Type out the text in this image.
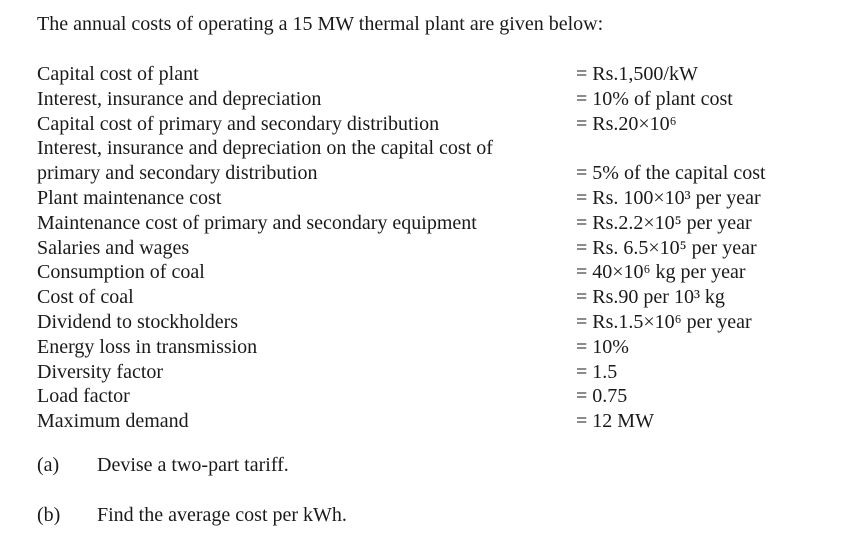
The annual costs of operating a 15 MW thermal plant are given below:
Capital cost of plant	= Rs.1,500/kW
Interest, insurance and depreciation	= 10% of plant cost
Capital cost of primary and secondary distribution	= Rs.20×10⁶
Interest, insurance and depreciation on the capital cost of
primary and secondary distribution	= 5% of the capital cost
Plant maintenance cost	= Rs. 100×10³ per year
Maintenance cost of primary and secondary equipment	= Rs.2.2×10⁵ per year
Salaries and wages	= Rs. 6.5×10⁵ per year
Consumption of coal	= 40×10⁶ kg per year
Cost of coal	= Rs.90 per 10³ kg
Dividend to stockholders	= Rs.1.5×10⁶ per year
Energy loss in transmission	= 10%
Diversity factor	= 1.5
Load factor	= 0.75
Maximum demand	= 12 MW
(a) Devise a two-part tariff.
(b) Find the average cost per kWh.
